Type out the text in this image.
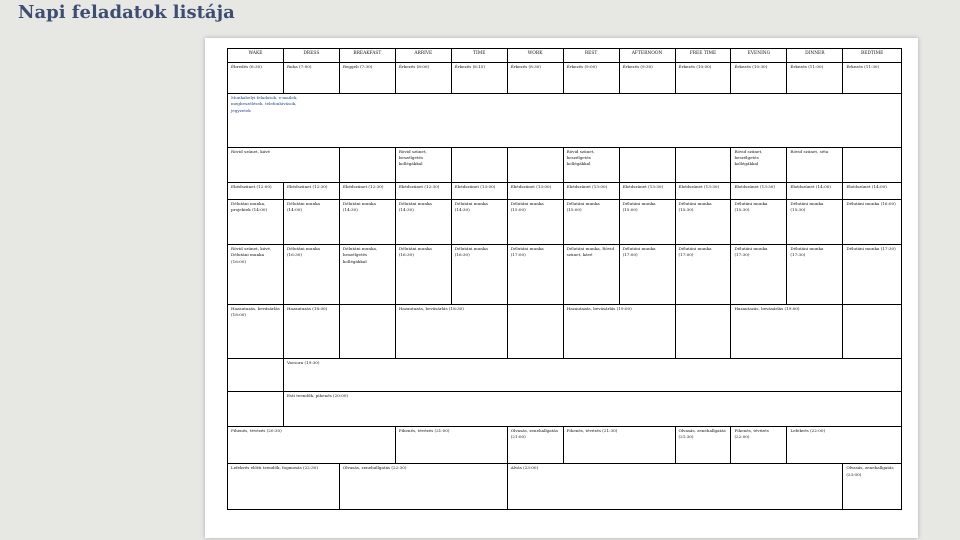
Napi feladatok listája
WAKE	DRESS	BREAKFAST	ARRIVE	TIME	WORK	REST	AFTERNOON	FREE TIME	EVENING	DINNER	BEDTIME
Ébredés (6:30)	Ruha (7:00)	Reggeli (7:30)	Érkezés (8:00)	Érkezés (8:15)	Érkezés (8:30)	Érkezés (9:00)	Érkezés (9:30)	Érkezés (10:00)	Érkezés (10:30)	Érkezés (11:00)	Érkezés (11:30)

Munkahelyi feladatok, e-mailek, megbeszélések, telefonhívások, jegyzetek											

Rövid szünet, kávé			Rövid szünet, beszélgetés kollégákkal			Rövid szünet, beszélgetés kollégákkal			Rövid szünet, beszélgetés kollégákkal	Rövid szünet, séta	
Ebédszünet (12:00)	Ebédszünet (12:30)	Ebédszünet (12:30)	Ebédszünet (12:30)	Ebédszünet (13:00)	Ebédszünet (13:00)	Ebédszünet (13:00)	Ebédszünet (13:30)	Ebédszünet (13:30)	Ebédszünet (13:30)	Ebédszünet (14:00)	Ebédszünet (14:00)
Délutáni munka, projektek (14:00)	Délutáni munka (14:00)	Délutáni munka (14:30)	Délutáni munka (14:30)	Délutáni munka (14:30)	Délutáni munka (15:00)	Délutáni munka (15:00)	Délutáni munka (15:00)	Délutáni munka (15:30)	Délutáni munka (15:30)	Délutáni munka (15:30)	Délutáni munka (16:00)
Rövid szünet, kávé, Délutáni munka (16:00)	Délutáni munka (16:30)	Délutáni munka, beszélgetés kollégákkal	Délutáni munka (16:30)	Délutáni munka (16:30)	Délutáni munka (17:00)	Délutáni munka, Rövid szünet, kávé	Délutáni munka (17:00)	Délutáni munka (17:00)	Délutáni munka (17:30)	Délutáni munka (17:30)	Délutáni munka (17:30)
Hazautazás, bevásárlás (18:00)	Hazautazás (18:00)		Hazautazás, bevásárlás (18:30)			Hazautazás, bevásárlás (19:00)			Hazautazás, bevásárlás (19:00)		
	Vacsora (19:30)										
	Esti teendők, pihenés (20:00)										
Pihenés, tévézés (20:30)			Pihenés, tévézés (21:00)		Olvasás, zenehallgatás (21:00)	Pihenés, tévézés (21:30)		Olvasás, zenehallgatás (21:30)	Pihenés, tévézés (22:00)	Lefekvés (22:00)	
Lefekvés előtti teendők, fogmosás (22:30)		Olvasás, zenehallgatás (22:30)			Alvás (23:00)						Olvasás, zenehallgatás (23:00)
